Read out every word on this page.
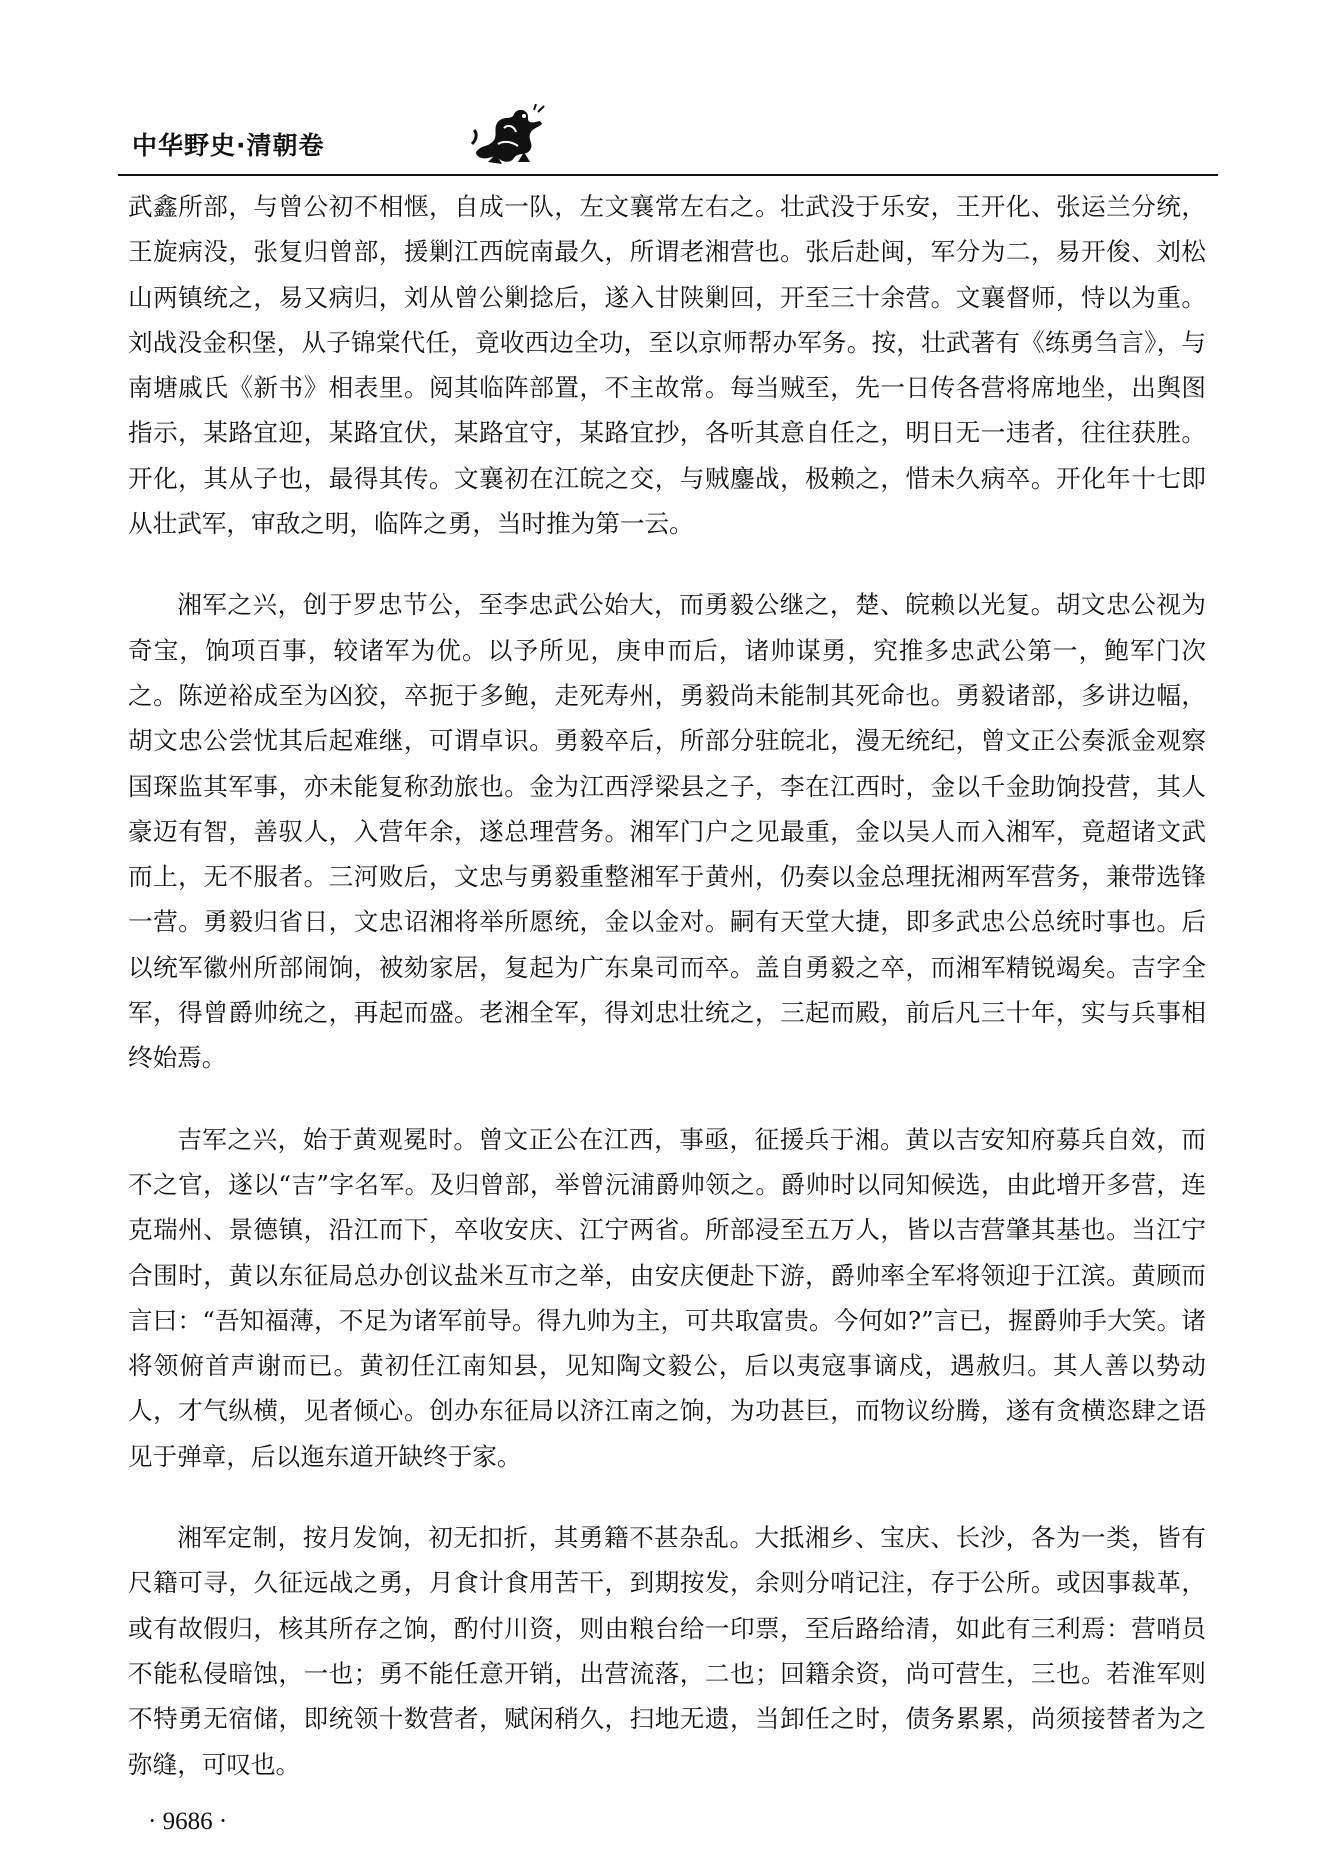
中华野史·清朝卷

武鑫所部，与曾公初不相惬，自成一队，左文襄常左右之。壮武没于乐安，王开化、张运兰分统，王旋病没，张复归曾部，援剿江西皖南最久，所谓老湘营也。张后赴闽，军分为二，易开俊、刘松山两镇统之，易又病归，刘从曾公剿捻后，遂入甘陕剿回，开至三十余营。文襄督师，恃以为重。刘战没金积堡，从子锦棠代任，竟收西边全功，至以京师帮办军务。按，壮武著有《练勇刍言》，与南塘戚氏《新书》相表里。阅其临阵部置，不主故常。每当贼至，先一日传各营将席地坐，出舆图指示，某路宜迎，某路宜伏，某路宜守，某路宜抄，各听其意自任之，明日无一违者，往往获胜。开化，其从子也，最得其传。文襄初在江皖之交，与贼鏖战，极赖之，惜未久病卒。开化年十七即从壮武军，审敌之明，临阵之勇，当时推为第一云。

湘军之兴，创于罗忠节公，至李忠武公始大，而勇毅公继之，楚、皖赖以光复。胡文忠公视为奇宝，饷项百事，较诸军为优。以予所见，庚申而后，诸帅谋勇，究推多忠武公第一，鲍军门次之。陈逆裕成至为凶狡，卒扼于多鲍，走死寿州，勇毅尚未能制其死命也。勇毅诸部，多讲边幅，胡文忠公尝忧其后起难继，可谓卓识。勇毅卒后，所部分驻皖北，漫无统纪，曾文正公奏派金观察国琛监其军事，亦未能复称劲旅也。金为江西浮梁县之子，李在江西时，金以千金助饷投营，其人豪迈有智，善驭人，入营年余，遂总理营务。湘军门户之见最重，金以吴人而入湘军，竟超诸文武而上，无不服者。三河败后，文忠与勇毅重整湘军于黄州，仍奏以金总理抚湘两军营务，兼带选锋一营。勇毅归省日，文忠诏湘将举所愿统，金以金对。嗣有天堂大捷，即多武忠公总统时事也。后以统军徽州所部闹饷，被劾家居，复起为广东臬司而卒。盖自勇毅之卒，而湘军精锐竭矣。吉字全军，得曾爵帅统之，再起而盛。老湘全军，得刘忠壮统之，三起而殿，前后凡三十年，实与兵事相终始焉。

吉军之兴，始于黄观冕时。曾文正公在江西，事亟，征援兵于湘。黄以吉安知府募兵自效，而不之官，遂以“吉”字名军。及归曾部，举曾沅浦爵帅领之。爵帅时以同知候选，由此增开多营，连克瑞州、景德镇，沿江而下，卒收安庆、江宁两省。所部浸至五万人，皆以吉营肇其基也。当江宁合围时，黄以东征局总办创议盐米互市之举，由安庆便赴下游，爵帅率全军将领迎于江滨。黄顾而言曰：“吾知福薄，不足为诸军前导。得九帅为主，可共取富贵。今何如?”言已，握爵帅手大笑。诸将领俯首声谢而已。黄初任江南知县，见知陶文毅公，后以夷寇事谪戍，遇赦归。其人善以势动人，才气纵横，见者倾心。创办东征局以济江南之饷，为功甚巨，而物议纷腾，遂有贪横恣肆之语见于弹章，后以迤东道开缺终于家。

湘军定制，按月发饷，初无扣折，其勇籍不甚杂乱。大抵湘乡、宝庆、长沙，各为一类，皆有尺籍可寻，久征远战之勇，月食计食用苦干，到期按发，余则分哨记注，存于公所。或因事裁革，或有故假归，核其所存之饷，酌付川资，则由粮台给一印票，至后路给清，如此有三利焉：营哨员不能私侵暗蚀，一也；勇不能任意开销，出营流落，二也；回籍余资，尚可营生，三也。若淮军则不特勇无宿储，即统领十数营者，赋闲稍久，扫地无遗，当卸任之时，债务累累，尚须接替者为之弥缝，可叹也。

· 9686 ·
